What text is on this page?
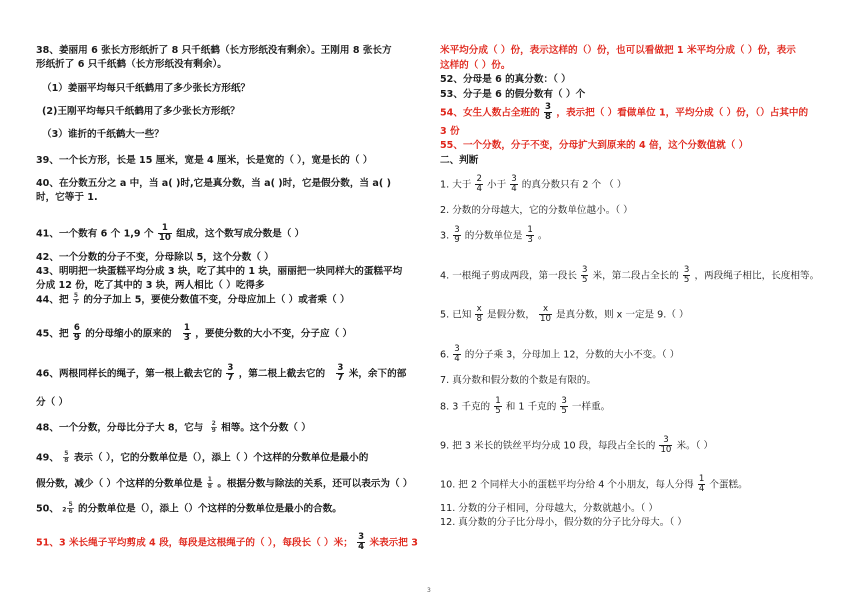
38、姜丽用 6 张长方形纸折了 8 只千纸鹤（长方形纸没有剩余）。王刚用 8 张长方
形纸折了 6 只千纸鹤（长方形纸没有剩余）。
（1）姜丽平均每只千纸鹤用了多少张长方形纸？
(2)王刚平均每只千纸鹤用了多少张长方形纸？
（3）谁折的千纸鹤大一些？
39、一个长方形，长是 15 厘米，宽是 4 厘米，长是宽的（ ），宽是长的（ ）
40、在分数五分之 a 中，当 a( )时,它是真分数，当 a( )时，它是假分数，当 a( )
时，它等于 1.
41、一个数有 6 个 1,9 个 $\frac{1}{10}$ 组成，这个数写成分数是（ ）
42、一个分数的分子不变，分母除以 5，这个分数（ ）
43、明明把一块蛋糕平均分成 3 块，吃了其中的 1 块，丽丽把一块同样大的蛋糕平均
分成 12 份，吃了其中的 3 块，两人相比（ ）吃得多
44、把 $\frac{5}{7}$ 的分子加上 5，要使分数值不变，分母应加上（ ）或者乘（ ）
45、把 $\frac{6}{9}$ 的分母缩小的原来的 $\frac{1}{3}$ ，要使分数的大小不变，分子应（ ）
46、两根同样长的绳子，第一根上截去它的 $\frac{3}{7}$ ，第二根上截去它的 $\frac{3}{7}$ 米，余下的部
分（ ）
48、一个分数，分母比分子大 8，它与 $\frac{2}{9}$ 相等。这个分数（ ）
49、 $\frac{5}{8}$ 表示（ ），它的分数单位是（），添上（ ）个这样的分数单位是最小的
假分数，减少（ ）个这样的分数单位是 $\frac{1}{8}$ 。根据分数与除法的关系，还可以表示为（ ）
50、 $2 \frac{5}{6}$ 的分数单位是（），添上（）个这样的分数单位是最小的合数。
51、3 米长绳子平均剪成 4 段，每段是这根绳子的（ ），每段长（ ）米； $\frac{3}{4}$ 米表示把 3
米平均分成（ ）份，表示这样的（）份，也可以看做把 1 米平均分成（ ）份，表示
这样的（ ）份。
52、分母是 6 的真分数：（ ）
53、分子是 6 的假分数有（ ）个
54、女生人数占全班的 $\frac{3}{8}$ ，表示把（ ）看做单位 1，平均分成（ ）份，（）占其中的
3 份
55、一个分数，分子不变，分母扩大到原来的 4 倍，这个分数值就（ ）
二、判断
1. 大于 $\frac{2}{4}$ 小于 $\frac{3}{4}$ 的真分数只有 2 个 （ ）
2. 分数的分母越大，它的分数单位越小。（ ）
3. $\frac{3}{9}$ 的分数单位是 $\frac{1}{3}$ 。
4. 一根绳子剪成两段，第一段长 $\frac{3}{5}$ 米，第二段占全长的 $\frac{3}{5}$ ，两段绳子相比，长度相等。
5. 已知 $\frac{x}{8}$ 是假分数， $\frac{x}{10}$ 是真分数，则 x 一定是 9.（ ）
6. $\frac{3}{4}$ 的分子乘 3，分母加上 12，分数的大小不变。（ ）
7. 真分数和假分数的个数是有限的。
8. 3 千克的 $\frac{1}{5}$ 和 1 千克的 $\frac{3}{5}$ 一样重。
9. 把 3 米长的铁丝平均分成 10 段，每段占全长的 $\frac{3}{10}$ 米。（ ）
10. 把 2 个同样大小的蛋糕平均分给 4 个小朋友，每人分得 $\frac{1}{4}$ 个蛋糕。
11. 分数的分子相同，分母越大，分数就越小。（ ）
12. 真分数的分子比分母小，假分数的分子比分母大。（ ）
3
